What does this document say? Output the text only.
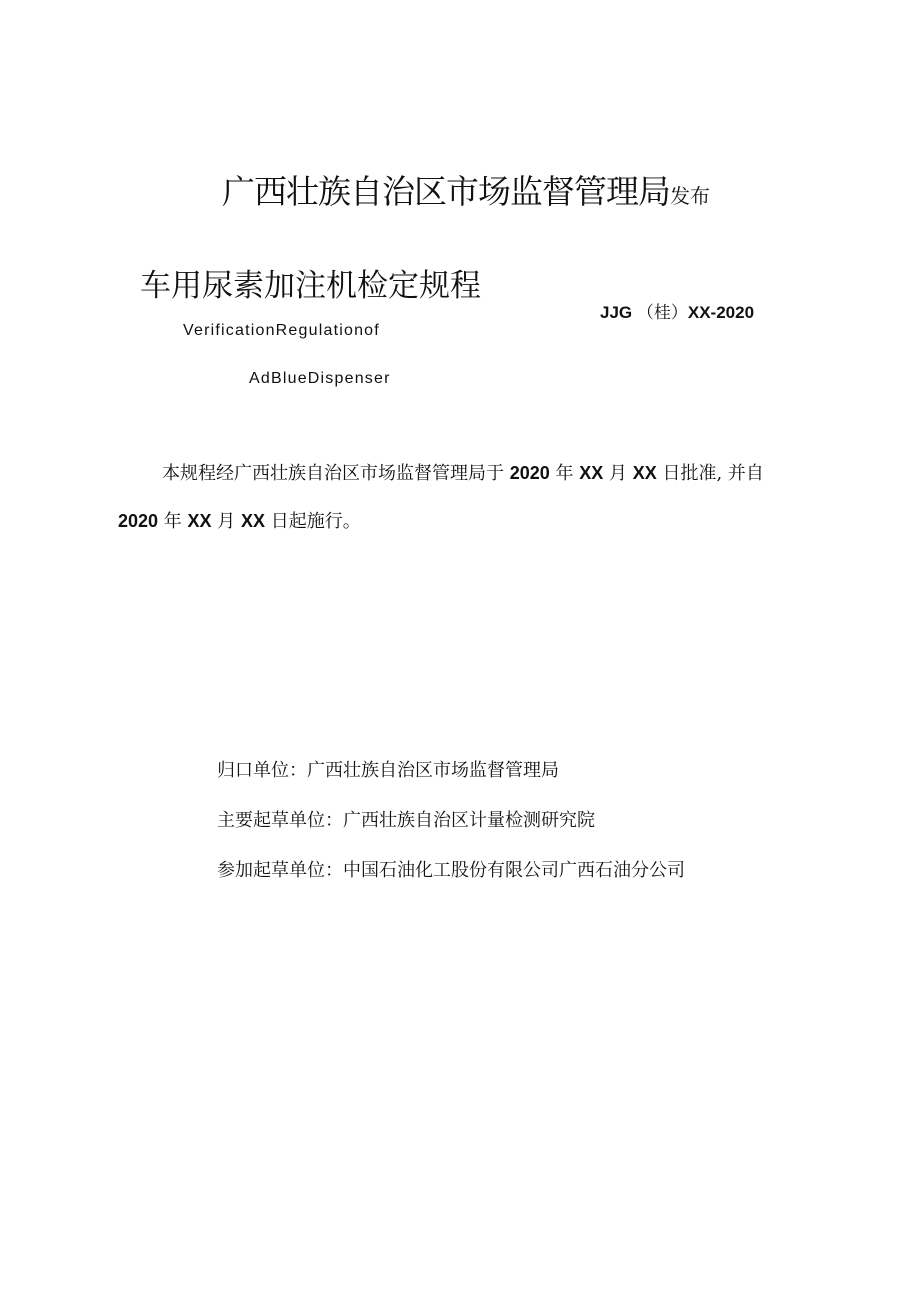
广西壮族自治区市场监督管理局发布
车用尿素加注机检定规程
JJG （桂）XX-2020
VerificationRegulationof
AdBlueDispenser
本规程经广西壮族自治区市场监督管理局于 2020 年 XX 月 XX 日批准, 并自
2020 年 XX 月 XX 日起施行。
归口单位：广西壮族自治区市场监督管理局
主要起草单位：广西壮族自治区计量检测研究院
参加起草单位：中国石油化工股份有限公司广西石油分公司
